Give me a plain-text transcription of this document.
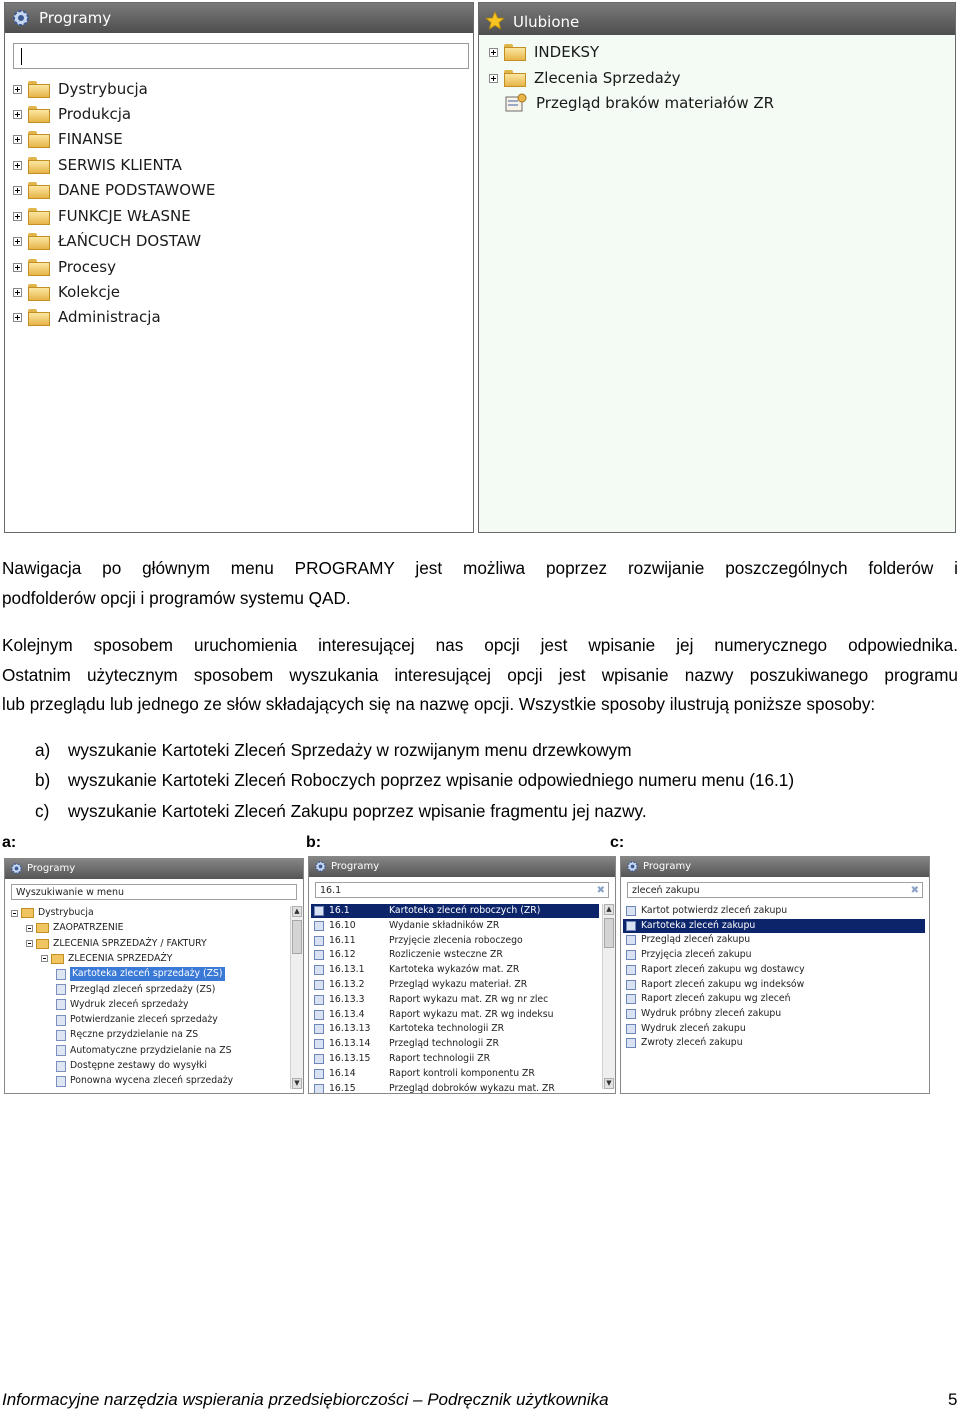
Programy
Dystrybucja
Produkcja
FINANSE
SERWIS KLIENTA
DANE PODSTAWOWE
FUNKCJE WŁASNE
ŁAŃCUCH DOSTAW
Procesy
Kolekcje
Administracja
Ulubione
INDEKSY
Zlecenia Sprzedaży
Przegląd braków materiałów ZR
Nawigacja po głównym menu PROGRAMY jest możliwa poprzez rozwijanie poszczególnych folderów i
podfolderów opcji i programów systemu QAD.
Kolejnym sposobem uruchomienia interesującej nas opcji jest wpisanie jej numerycznego odpowiednika.
Ostatnim użytecznym sposobem wyszukania interesującej opcji jest wpisanie nazwy poszukiwanego programu
lub przeglądu lub jednego ze słów składających się na nazwę opcji. Wszystkie sposoby ilustrują poniższe sposoby:
a) wyszukanie Kartoteki Zleceń Sprzedaży w rozwijanym menu drzewkowym
b) wyszukanie Kartoteki Zleceń Roboczych poprzez wpisanie odpowiedniego numeru menu (16.1)
c) wyszukanie Kartoteki Zleceń Zakupu poprzez wpisanie fragmentu jej nazwy.
a:	b:	c:
Programy
Wyszukiwanie w menu
Dystrybucja
ZAOPATRZENIE
ZLECENIA SPRZEDAŻY / FAKTURY
ZLECENIA SPRZEDAŻY
Kartoteka zleceń sprzedaży (ZS)
Przegląd zleceń sprzedaży (ZS)
Wydruk zleceń sprzedaży
Potwierdzanie zleceń sprzedaży
Ręczne przydzielanie na ZS
Automatyczne przydzielanie na ZS
Dostępne zestawy do wysyłki
Ponowna wycena zleceń sprzedaży
▲
▼
Programy
16.1	✖
16.1	Kartoteka zleceń roboczych (ZR)
16.10	Wydanie składników ZR
16.11	Przyjęcie zlecenia roboczego
16.12	Rozliczenie wsteczne ZR
16.13.1	Kartoteka wykazów mat. ZR
16.13.2	Przegląd wykazu materiał. ZR
16.13.3	Raport wykazu mat. ZR wg nr zlec
16.13.4	Raport wykazu mat. ZR wg indeksu
16.13.13 Kartoteka technologii ZR
16.13.14 Przegląd technologii ZR
16.13.15 Raport technologii ZR
16.14	Raport kontroli komponentu ZR
16.15	Przegląd dobroków wykazu mat. ZR
▲
▼
Programy
zleceń zakupu	✖
Kartot potwierdz zleceń zakupu
Kartoteka zleceń zakupu
Przegląd zleceń zakupu
Przyjęcia zleceń zakupu
Raport zleceń zakupu wg dostawcy
Raport zleceń zakupu wg indeksów
Raport zleceń zakupu wg zleceń
Wydruk próbny zleceń zakupu
Wydruk zleceń zakupu
Zwroty zleceń zakupu
Informacyjne narzędzia wspierania przedsiębiorczości – Podręcznik użytkownika	5
